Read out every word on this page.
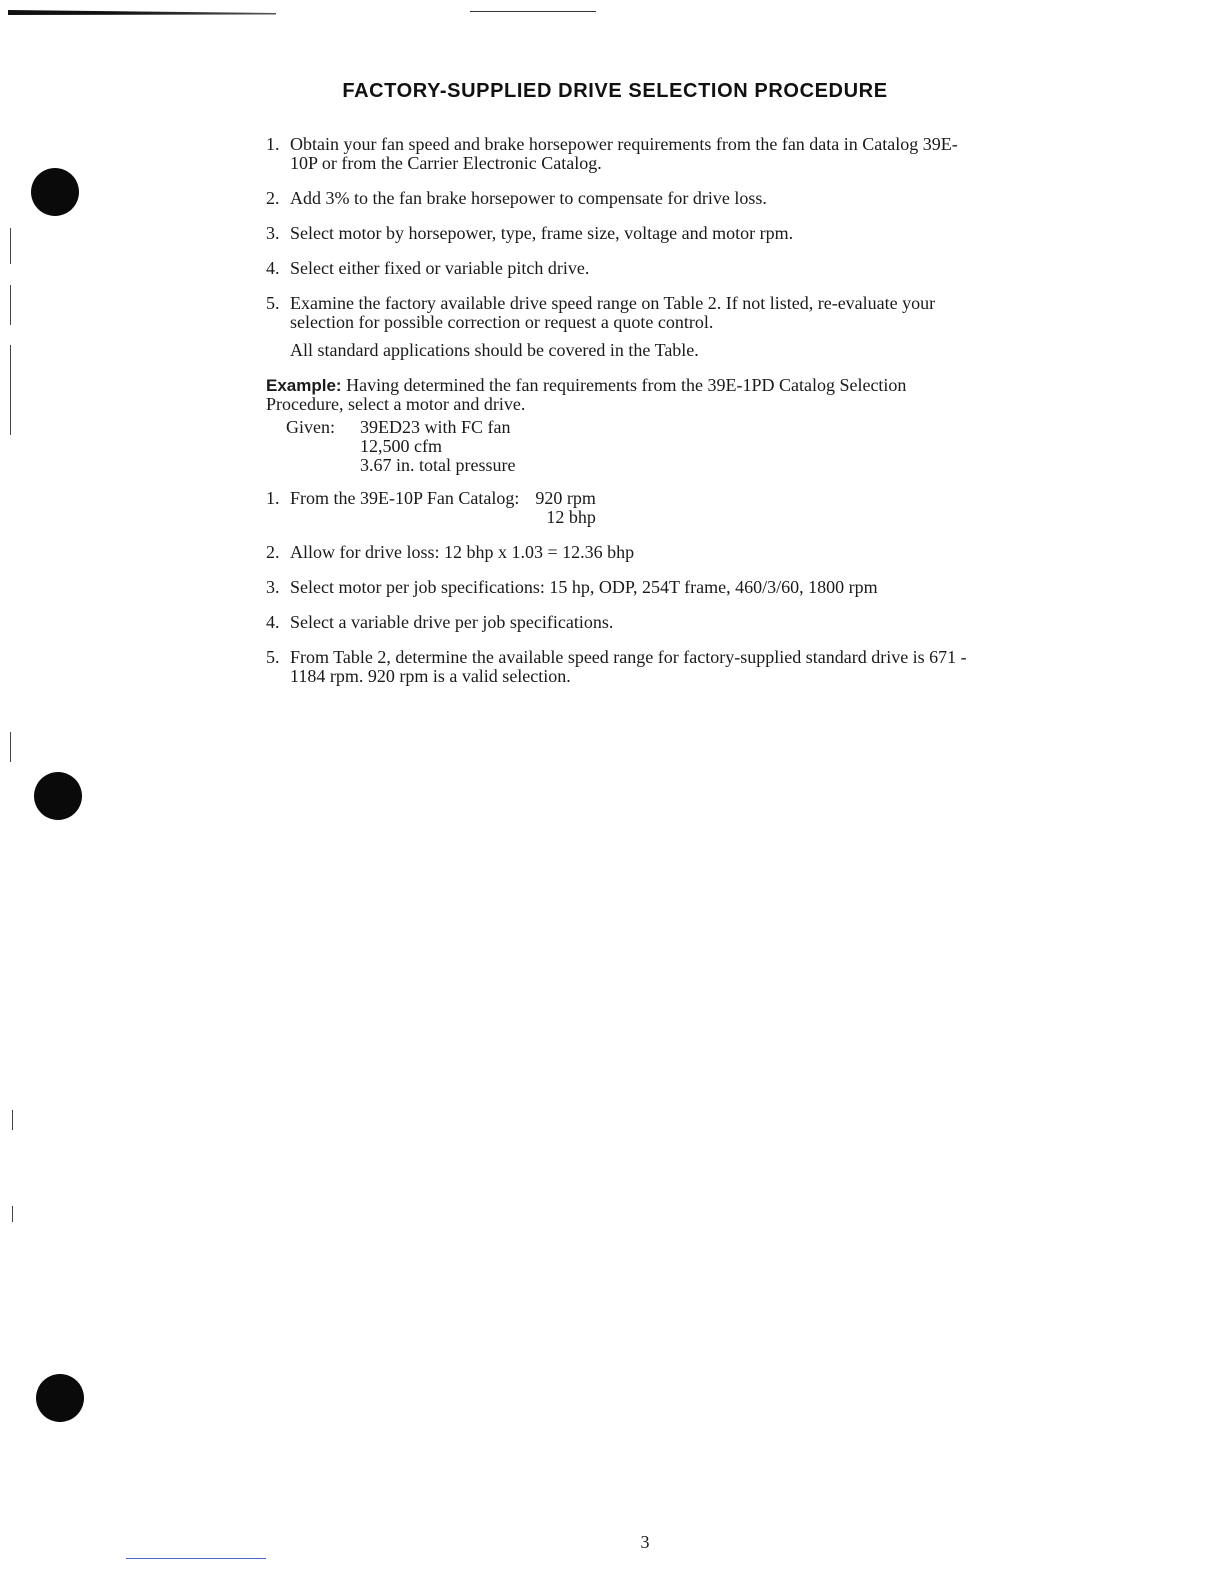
FACTORY-SUPPLIED DRIVE SELECTION PROCEDURE
1. Obtain your fan speed and brake horsepower requirements from the fan data in Catalog 39E-10P or from the Carrier Electronic Catalog.
2. Add 3% to the fan brake horsepower to compensate for drive loss.
3. Select motor by horsepower, type, frame size, voltage and motor rpm.
4. Select either fixed or variable pitch drive.
5. Examine the factory available drive speed range on Table 2. If not listed, re-evaluate your selection for possible correction or request a quote control.
All standard applications should be covered in the Table.
Example: Having determined the fan requirements from the 39E-1PD Catalog Selection Procedure, select a motor and drive.
Given:	39ED23 with FC fan
12,500 cfm
3.67 in. total pressure
1. From the 39E-10P Fan Catalog: 920 rpm
12 bhp
2. Allow for drive loss: 12 bhp x 1.03 = 12.36 bhp
3. Select motor per job specifications: 15 hp, ODP, 254T frame, 460/3/60, 1800 rpm
4. Select a variable drive per job specifications.
5. From Table 2, determine the available speed range for factory-supplied standard drive is 671 - 1184 rpm. 920 rpm is a valid selection.
3
